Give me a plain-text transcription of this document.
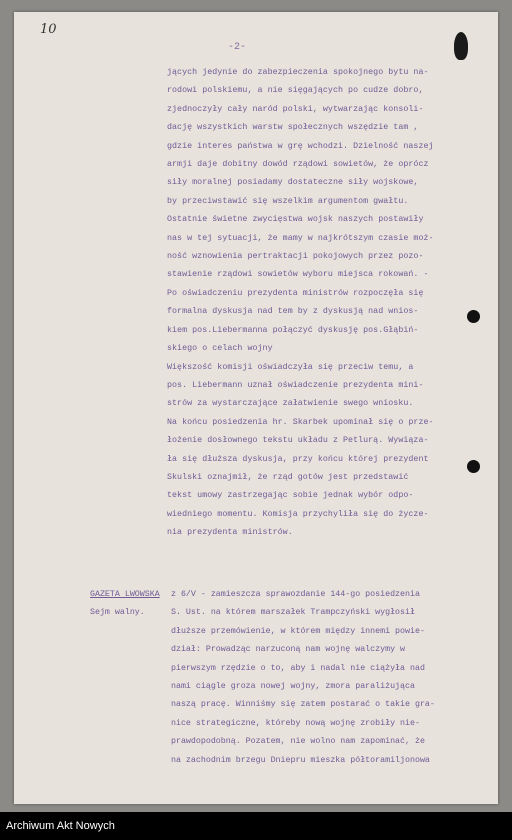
10
-2-
jących jedynie do zabezpieczenia spokojnego bytu na-
rodowi polskiemu, a nie sięgających po cudze dobro,
zjednoczyły cały naród polski, wytwarzając konsoli-
dację wszystkich warstw społecznych wszędzie tam ,
gdzie interes państwa w grę wchodzi. Dzielność naszej
armji daje dobitny dowód rządowi sowietów, że oprócz
siły moralnej posiadamy dostateczne siły wojskowe,
by przeciwstawić się wszelkim argumentom gwałtu.
Ostatnie świetne zwycięstwa wojsk naszych postawiły
nas w tej sytuacji, że mamy w najkrótszym czasie moż-
ność wznowienia pertraktacji pokojowych przez pozo-
stawienie rządowi sowietów wyboru miejsca rokowań. -
Po oświadczeniu prezydenta ministrów rozpoczęła się
formalna dyskusja nad tem by z dyskusją nad wnios-
kiem pos.Liebermanna połączyć dyskusję pos.Głąbiń-
skiego o celach wojny
Większość komisji oświadczyła się przeciw temu, a
pos. Liebermann uznał oświadczenie prezydenta mini-
strów za wystarczające załatwienie swego wniosku.
Na końcu posiedzenia hr. Skarbek upominał się o prze-
łożenie dosłownego tekstu układu z Petlurą. Wywiąza-
ła się dłuższa dyskusja, przy końcu której prezydent
Skulski oznajmił, że rząd gotów jest przedstawić
tekst umowy zastrzegając sobie jednak wybór odpo-
wiedniego momentu. Komisja przychyliła się do życze-
nia prezydenta ministrów.
GAZETA LWOWSKA
Sejm walny.
z 6/V - zamieszcza sprawozdanie 144-go posiedzenia
S. Ust. na którem marszałek Trampczyński wygłosił
dłuższe przemówienie, w którem między innemi powie-
dział: Prowadząc narzuconą nam wojnę walczymy w
pierwszym rzędzie o to, aby i nadal nie ciążyła nad
nami ciągle groza nowej wojny, zmora paraliżująca
naszą pracę. Winniśmy się zatem postarać o takie gra-
nice strategiczne, któreby nową wojnę zrobiły nie-
prawdopodobną. Pozatem, nie wolno nam zapominać, że
na zachodnim brzegu Dniepru mieszka półtoramiljonowa
Archiwum Akt Nowych
